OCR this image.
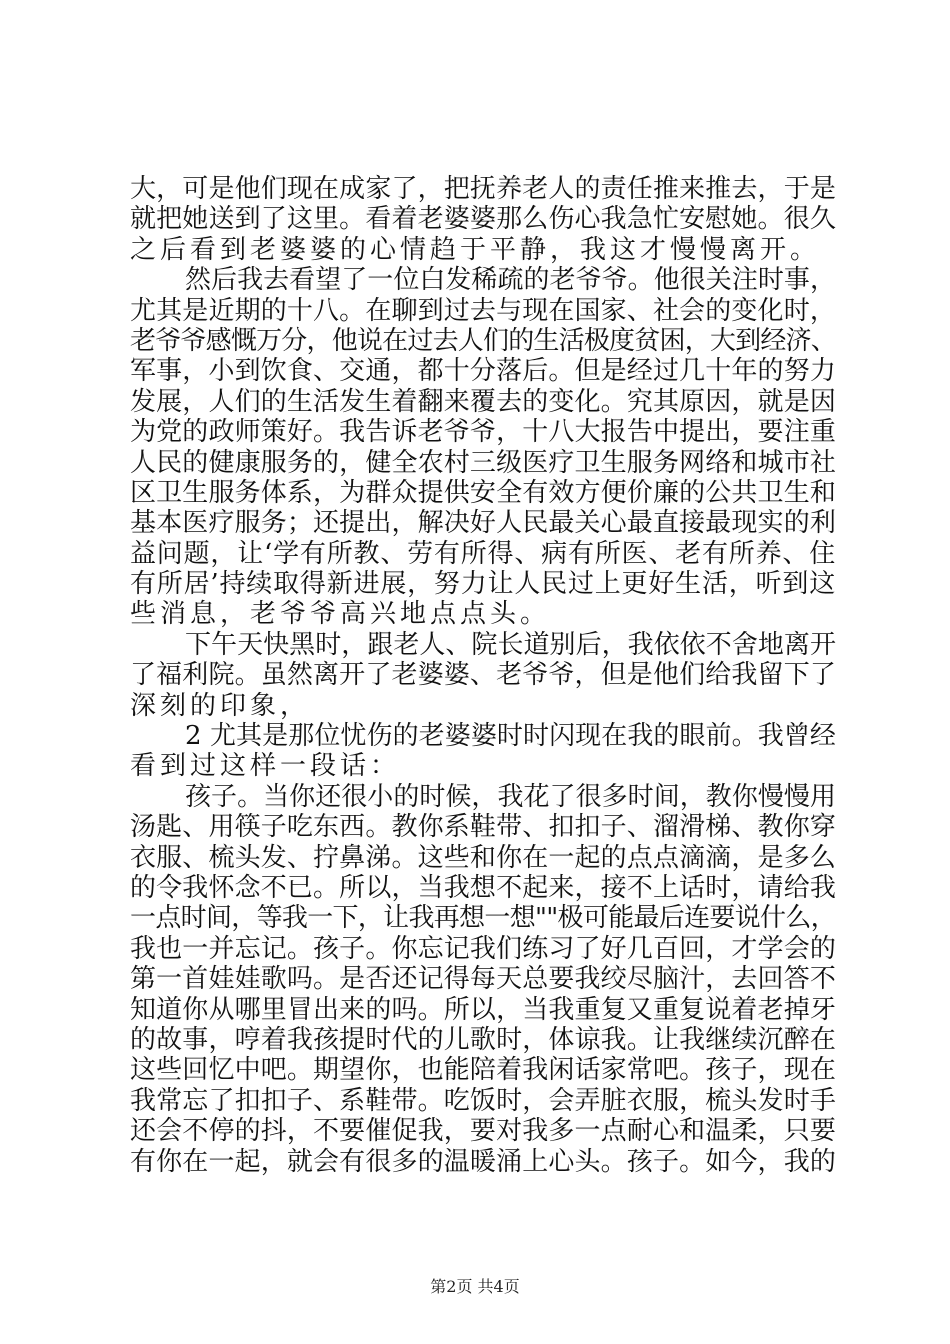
大，可是他们现在成家了，把抚养老人的责任推来推去，于是
就把她送到了这里。看着老婆婆那么伤心我急忙安慰她。很久
之后看到老婆婆的心情趋于平静，我这才慢慢离开。
然后我去看望了一位白发稀疏的老爷爷。他很关注时事，
尤其是近期的十八。在聊到过去与现在国家、社会的变化时，
老爷爷感慨万分，他说在过去人们的生活极度贫困，大到经济、
军事，小到饮食、交通，都十分落后。但是经过几十年的努力
发展，人们的生活发生着翻来覆去的变化。究其原因，就是因
为党的政师策好。我告诉老爷爷，十八大报告中提出，要注重
人民的健康服务的，健全农村三级医疗卫生服务网络和城市社
区卫生服务体系，为群众提供安全有效方便价廉的公共卫生和
基本医疗服务；还提出，解决好人民最关心最直接最现实的利
益问题，让‘学有所教、劳有所得、病有所医、老有所养、住
有所居’持续取得新进展，努力让人民过上更好生活，听到这
些消息，老爷爷高兴地点点头。
下午天快黑时，跟老人、院长道别后，我依依不舍地离开
了福利院。虽然离开了老婆婆、老爷爷，但是他们给我留下了
深刻的印象，
2 尤其是那位忧伤的老婆婆时时闪现在我的眼前。我曾经
看到过这样一段话：
孩子。当你还很小的时候，我花了很多时间，教你慢慢用
汤匙、用筷子吃东西。教你系鞋带、扣扣子、溜滑梯、教你穿
衣服、梳头发、拧鼻涕。这些和你在一起的点点滴滴，是多么
的令我怀念不已。所以，当我想不起来，接不上话时，请给我
一点时间，等我一下，让我再想一想""极可能最后连要说什么，
我也一并忘记。孩子。你忘记我们练习了好几百回，才学会的
第一首娃娃歌吗。是否还记得每天总要我绞尽脑汁，去回答不
知道你从哪里冒出来的吗。所以，当我重复又重复说着老掉牙
的故事，哼着我孩提时代的儿歌时，体谅我。让我继续沉醉在
这些回忆中吧。期望你，也能陪着我闲话家常吧。孩子，现在
我常忘了扣扣子、系鞋带。吃饭时，会弄脏衣服，梳头发时手
还会不停的抖，不要催促我，要对我多一点耐心和温柔，只要
有你在一起，就会有很多的温暖涌上心头。孩子。如今，我的
第2页 共4页
